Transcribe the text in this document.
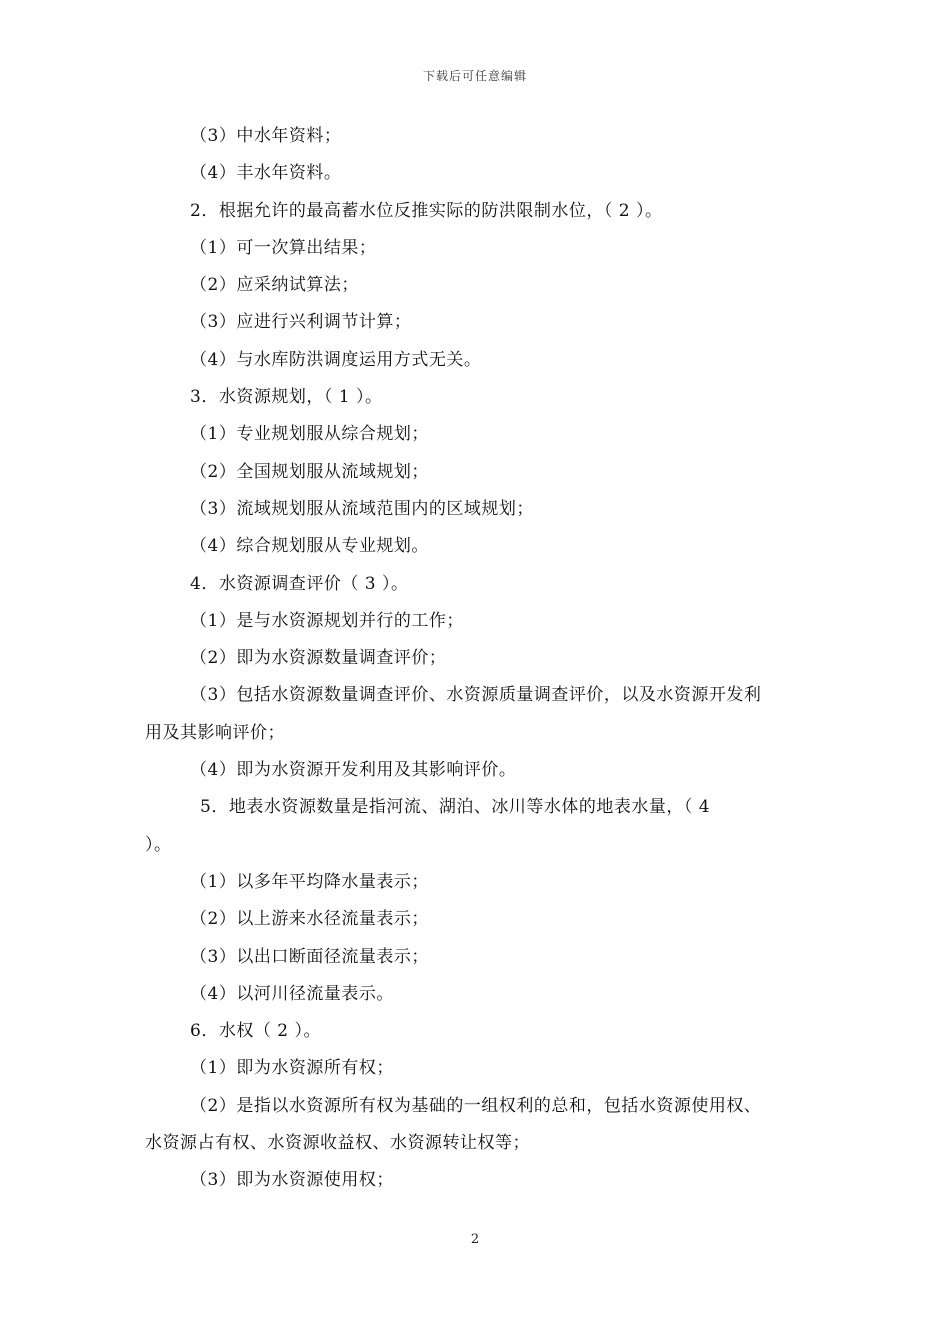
下载后可任意编辑
（3）中水年资料；
（4）丰水年资料。
2．根据允许的最高蓄水位反推实际的防洪限制水位，（ 2 ）。
（1）可一次算出结果；
（2）应采纳试算法；
（3）应进行兴利调节计算；
（4）与水库防洪调度运用方式无关。
3．水资源规划，（ 1 ）。
（1）专业规划服从综合规划；
（2）全国规划服从流域规划；
（3）流域规划服从流域范围内的区域规划；
（4）综合规划服从专业规划。
4．水资源调查评价（ 3 ）。
（1）是与水资源规划并行的工作；
（2）即为水资源数量调查评价；
（3）包括水资源数量调查评价、水资源质量调查评价，以及水资源开发利
用及其影响评价；
（4）即为水资源开发利用及其影响评价。
5．地表水资源数量是指河流、湖泊、冰川等水体的地表水量，（ 4
）。
（1）以多年平均降水量表示；
（2）以上游来水径流量表示；
（3）以出口断面径流量表示；
（4）以河川径流量表示。
6．水权（ 2 ）。
（1）即为水资源所有权；
（2）是指以水资源所有权为基础的一组权利的总和，包括水资源使用权、
水资源占有权、水资源收益权、水资源转让权等；
（3）即为水资源使用权；
2
